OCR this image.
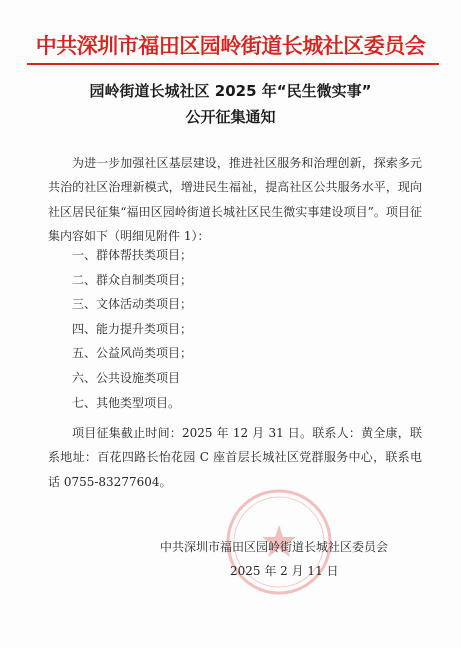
中共深圳市福田区园岭街道长城社区委员会
园岭街道长城社区 2025 年“民生微实事”
公开征集通知

为进一步加强社区基层建设，推进社区服务和治理创新，探索多元共治的社区治理新模式，增进民生福祉，提高社区公共服务水平，现向社区居民征集“福田区园岭街道长城社区民生微实事建设项目”。项目征集内容如下（明细见附件 1）：

一、群体帮扶类项目；
二、群众自制类项目；
三、文体活动类项目；
四、能力提升类项目；
五、公益风尚类项目；
六、公共设施类项目
七、其他类型项目。

项目征集截止时间：2025 年 12 月 31 日。联系人：黄全康，联系地址：百花四路长怡花园 C 座首层长城社区党群服务中心，联系电话 0755-83277604。

中共深圳市福田区园岭街道长城社区委员会
2025 年 2 月 11 日
